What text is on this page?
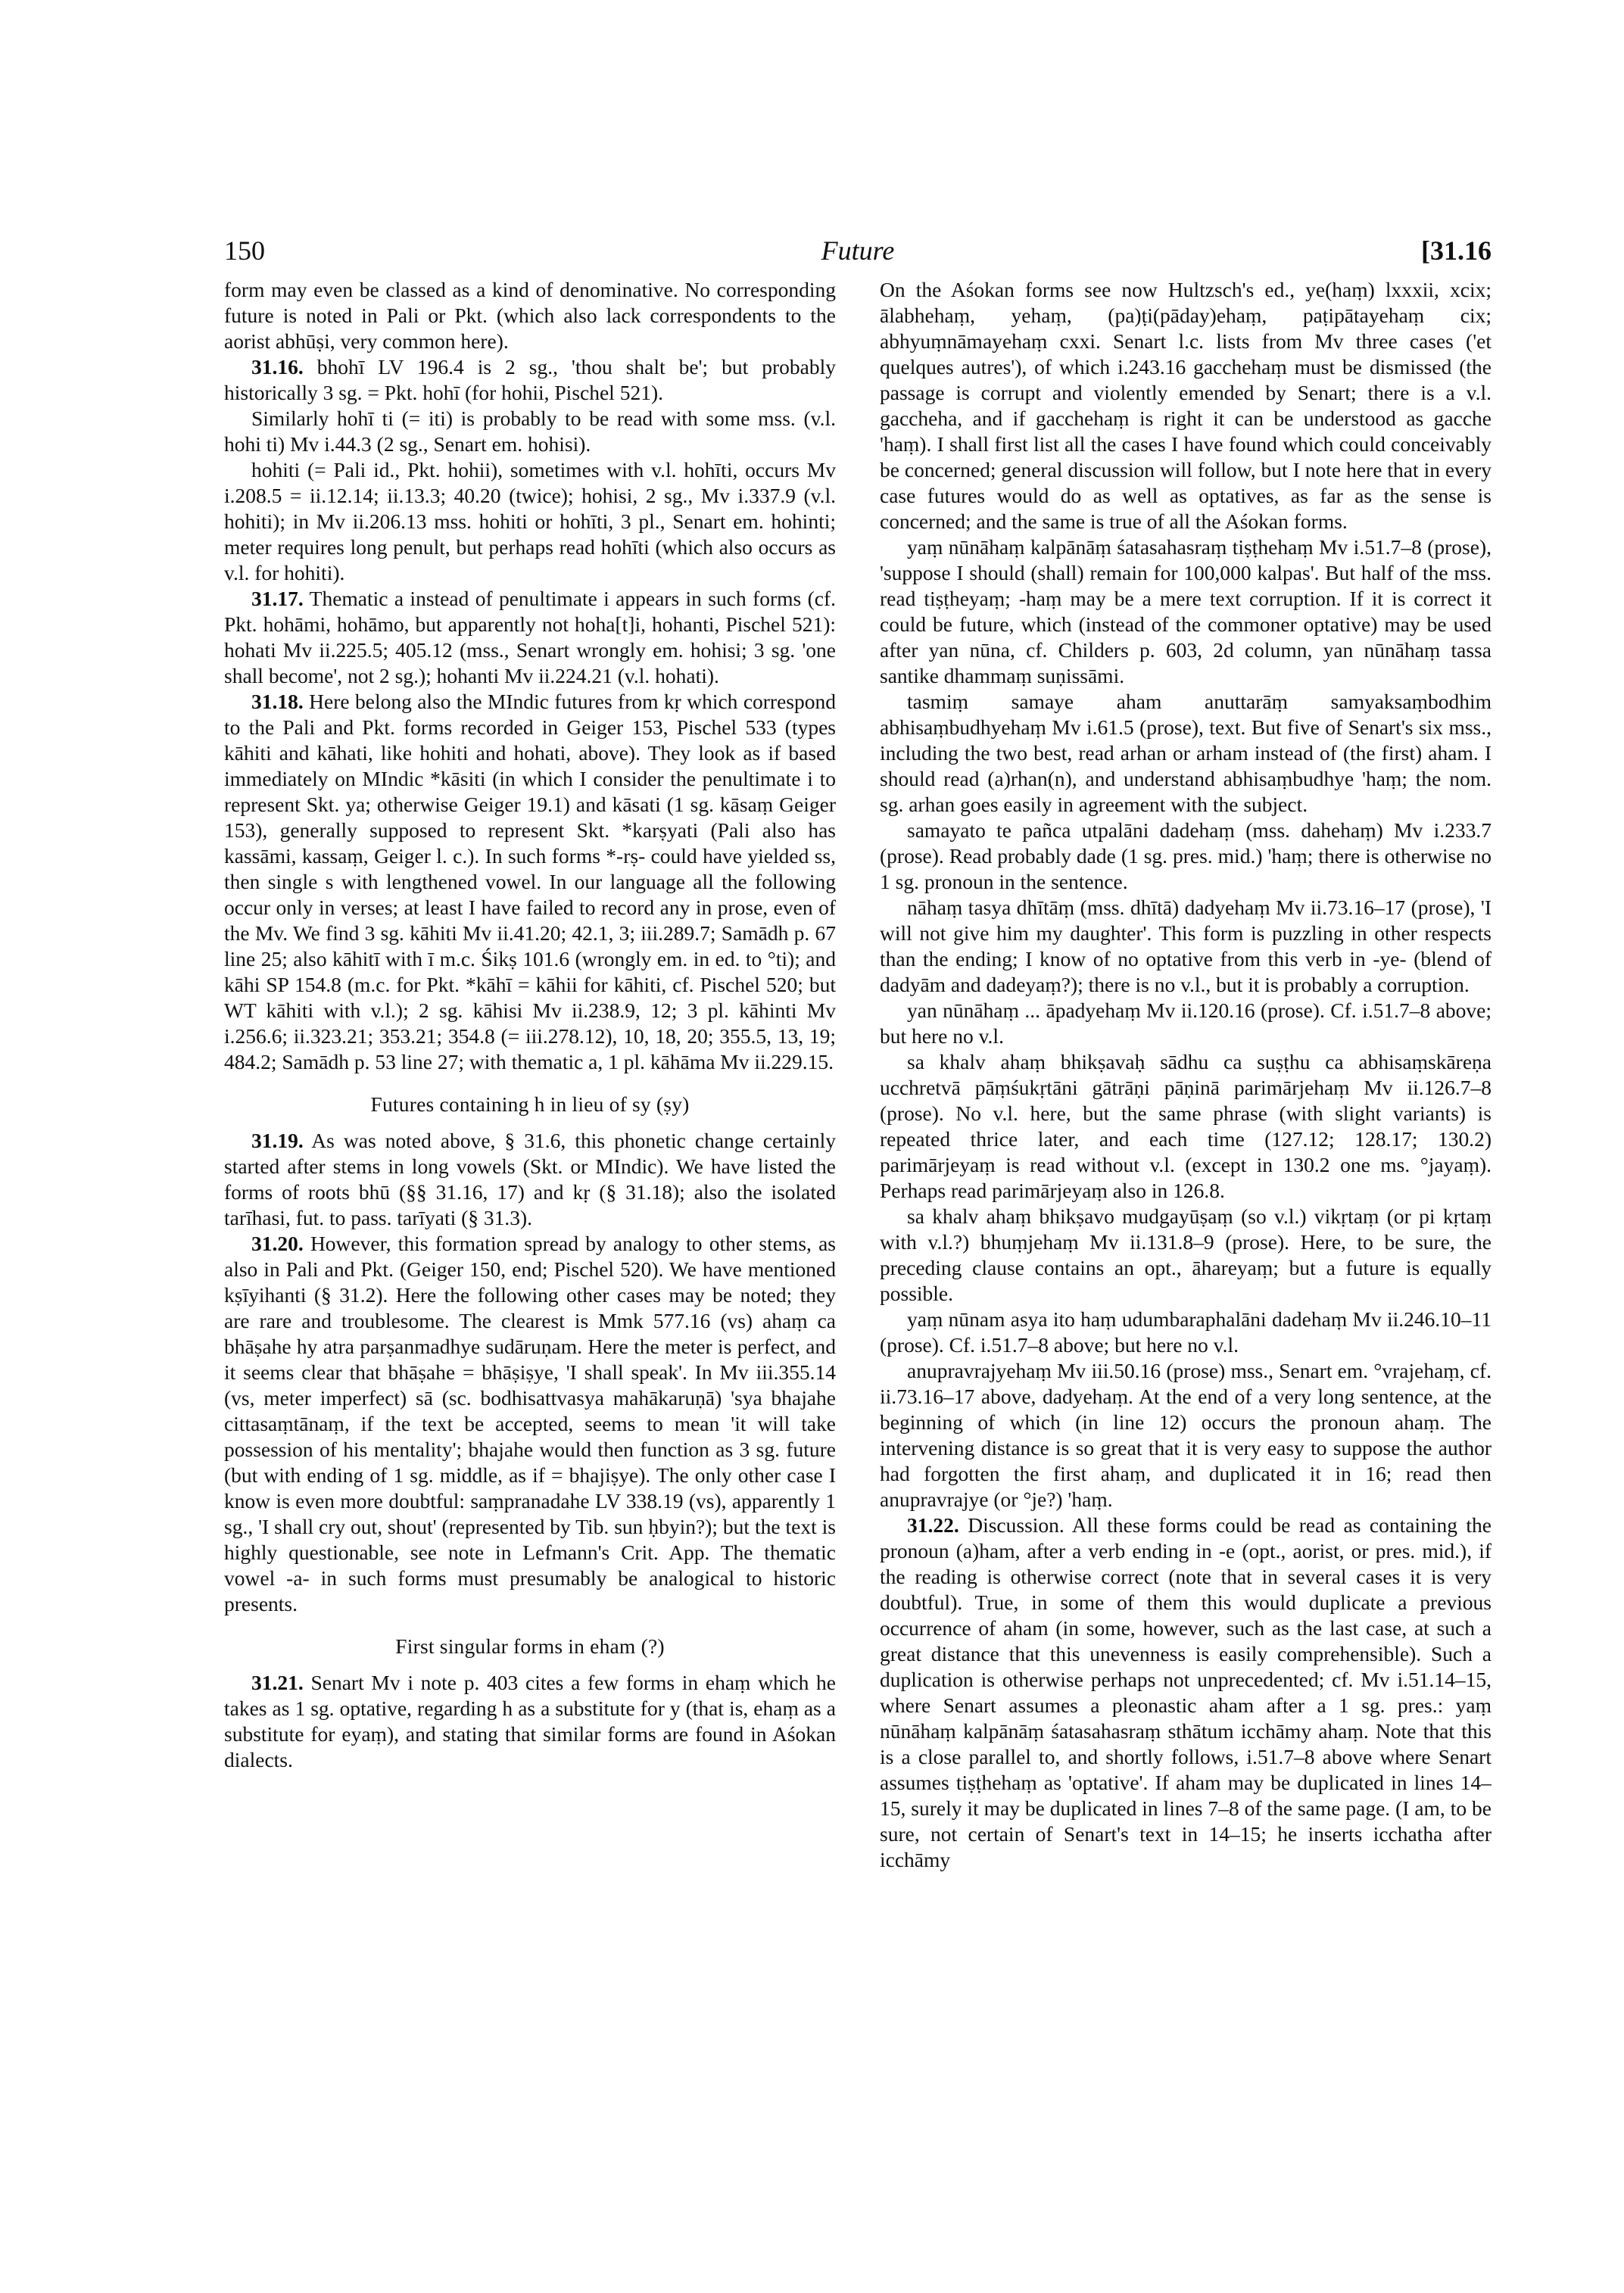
150	Future	[31.16

form may even be classed as a kind of denominative. No corresponding future is noted in Pali or Pkt. (which also lack correspondents to the aorist abhūṣi, very common here).

31.16. bhohī LV 196.4 is 2 sg., 'thou shalt be'; but probably historically 3 sg. = Pkt. hohī (for hohii, Pischel 521).

Similarly hohī ti (= iti) is probably to be read with some mss. (v.l. hohi ti) Mv i.44.3 (2 sg., Senart em. hohisi).

hohiti (= Pali id., Pkt. hohii), sometimes with v.l. hohīti, occurs Mv i.208.5 = ii.12.14; ii.13.3; 40.20 (twice); hohisi, 2 sg., Mv i.337.9 (v.l. hohiti); in Mv ii.206.13 mss. hohiti or hohīti, 3 pl., Senart em. hohinti; meter requires long penult, but perhaps read hohīti (which also occurs as v.l. for hohiti).

31.17. Thematic a instead of penultimate i appears in such forms (cf. Pkt. hohāmi, hohāmo, but apparently not hoha[t]i, hohanti, Pischel 521): hohati Mv ii.225.5; 405.12 (mss., Senart wrongly em. hohisi; 3 sg. 'one shall become', not 2 sg.); hohanti Mv ii.224.21 (v.l. hohati).

31.18. Here belong also the MIndic futures from kṛ which correspond to the Pali and Pkt. forms recorded in Geiger 153, Pischel 533 (types kāhiti and kāhati, like hohiti and hohati, above). They look as if based immediately on MIndic *kāsiti (in which I consider the penultimate i to represent Skt. ya; otherwise Geiger 19.1) and kāsati (1 sg. kāsaṃ Geiger 153), generally supposed to represent Skt. *karṣyati (Pali also has kassāmi, kassaṃ, Geiger l. c.). In such forms *-rṣ- could have yielded ss, then single s with lengthened vowel. In our language all the following occur only in verses; at least I have failed to record any in prose, even of the Mv. We find 3 sg. kāhiti Mv ii.41.20; 42.1, 3; iii.289.7; Samādh p. 67 line 25; also kāhitī with ī m.c. Śikṣ 101.6 (wrongly em. in ed. to °ti); and kāhi SP 154.8 (m.c. for Pkt. *kāhī = kāhii for kāhiti, cf. Pischel 520; but WT kāhiti with v.l.); 2 sg. kāhisi Mv ii.238.9, 12; 3 pl. kāhinti Mv i.256.6; ii.323.21; 353.21; 354.8 (= iii.278.12), 10, 18, 20; 355.5, 13, 19; 484.2; Samādh p. 53 line 27; with thematic a, 1 pl. kāhāma Mv ii.229.15.

Futures containing h in lieu of sy (ṣy)

31.19. As was noted above, § 31.6, this phonetic change certainly started after stems in long vowels (Skt. or MIndic). We have listed the forms of roots bhū (§§ 31.16, 17) and kṛ (§ 31.18); also the isolated tarīhasi, fut. to pass. tarīyati (§ 31.3).

31.20. However, this formation spread by analogy to other stems, as also in Pali and Pkt. (Geiger 150, end; Pischel 520). We have mentioned kṣīyihanti (§ 31.2). Here the following other cases may be noted; they are rare and troublesome. The clearest is Mmk 577.16 (vs) ahaṃ ca bhāṣahe hy atra parṣanmadhye sudāruṇam. Here the meter is perfect, and it seems clear that bhāṣahe = bhāṣiṣye, 'I shall speak'. In Mv iii.355.14 (vs, meter imperfect) sā (sc. bodhisattvasya mahākaruṇā) 'sya bhajahe cittasaṃtānaṃ, if the text be accepted, seems to mean 'it will take possession of his mentality'; bhajahe would then function as 3 sg. future (but with ending of 1 sg. middle, as if = bhajiṣye). The only other case I know is even more doubtful: saṃpranadahe LV 338.19 (vs), apparently 1 sg., 'I shall cry out, shout' (represented by Tib. sun ḥbyin?); but the text is highly questionable, see note in Lefmann's Crit. App. The thematic vowel -a- in such forms must presumably be analogical to historic presents.

First singular forms in eham (?)

31.21. Senart Mv i note p. 403 cites a few forms in ehaṃ which he takes as 1 sg. optative, regarding h as a substitute for y (that is, ehaṃ as a substitute for eyaṃ), and stating that similar forms are found in Aśokan dialects.

On the Aśokan forms see now Hultzsch's ed., ye(haṃ) lxxxii, xcix; ālabhehaṃ, yehaṃ, (pa)ṭi(pāday)ehaṃ, paṭipātayehaṃ cix; abhyuṃnāmayehaṃ cxxi. Senart l.c. lists from Mv three cases ('et quelques autres'), of which i.243.16 gacchehaṃ must be dismissed (the passage is corrupt and violently emended by Senart; there is a v.l. gaccheha, and if gacchehaṃ is right it can be understood as gacche 'haṃ). I shall first list all the cases I have found which could conceivably be concerned; general discussion will follow, but I note here that in every case futures would do as well as optatives, as far as the sense is concerned; and the same is true of all the Aśokan forms.

yaṃ nūnāhaṃ kalpānāṃ śatasahasraṃ tiṣṭhehaṃ Mv i.51.7–8 (prose), 'suppose I should (shall) remain for 100,000 kalpas'. But half of the mss. read tiṣṭheyaṃ; -haṃ may be a mere text corruption. If it is correct it could be future, which (instead of the commoner optative) may be used after yan nūna, cf. Childers p. 603, 2d column, yan nūnāhaṃ tassa santike dhammaṃ suṇissāmi.

tasmiṃ samaye aham anuttarāṃ samyaksaṃbodhim abhisaṃbudhyehaṃ Mv i.61.5 (prose), text. But five of Senart's six mss., including the two best, read arhan or arham instead of (the first) aham. I should read (a)rhan(n), and understand abhisaṃbudhye 'haṃ; the nom. sg. arhan goes easily in agreement with the subject.

samayato te pañca utpalāni dadehaṃ (mss. dahehaṃ) Mv i.233.7 (prose). Read probably dade (1 sg. pres. mid.) 'haṃ; there is otherwise no 1 sg. pronoun in the sentence.

nāhaṃ tasya dhītāṃ (mss. dhītā) dadyehaṃ Mv ii.73.16–17 (prose), 'I will not give him my daughter'. This form is puzzling in other respects than the ending; I know of no optative from this verb in -ye- (blend of dadyām and dadeyaṃ?); there is no v.l., but it is probably a corruption.

yan nūnāhaṃ ... āpadyehaṃ Mv ii.120.16 (prose). Cf. i.51.7–8 above; but here no v.l.

sa khalv ahaṃ bhikṣavaḥ sādhu ca suṣṭhu ca abhisaṃskāreṇa ucchretvā pāṃśukṛtāni gātrāṇi pāṇinā parimārjehaṃ Mv ii.126.7–8 (prose). No v.l. here, but the same phrase (with slight variants) is repeated thrice later, and each time (127.12; 128.17; 130.2) parimārjeyaṃ is read without v.l. (except in 130.2 one ms. °jayaṃ). Perhaps read parimārjeyaṃ also in 126.8.

sa khalv ahaṃ bhikṣavo mudgayūṣaṃ (so v.l.) vikṛtaṃ (or pi kṛtaṃ with v.l.?) bhuṃjehaṃ Mv ii.131.8–9 (prose). Here, to be sure, the preceding clause contains an opt., āhareyaṃ; but a future is equally possible.

yaṃ nūnam asya ito haṃ udumbaraphalāni dadehaṃ Mv ii.246.10–11 (prose). Cf. i.51.7–8 above; but here no v.l.

anupravrajyehaṃ Mv iii.50.16 (prose) mss., Senart em. °vrajehaṃ, cf. ii.73.16–17 above, dadyehaṃ. At the end of a very long sentence, at the beginning of which (in line 12) occurs the pronoun ahaṃ. The intervening distance is so great that it is very easy to suppose the author had forgotten the first ahaṃ, and duplicated it in 16; read then anupravrajye (or °je?) 'haṃ.

31.22. Discussion. All these forms could be read as containing the pronoun (a)ham, after a verb ending in -e (opt., aorist, or pres. mid.), if the reading is otherwise correct (note that in several cases it is very doubtful). True, in some of them this would duplicate a previous occurrence of aham (in some, however, such as the last case, at such a great distance that this unevenness is easily comprehensible). Such a duplication is otherwise perhaps not unprecedented; cf. Mv i.51.14–15, where Senart assumes a pleonastic aham after a 1 sg. pres.: yaṃ nūnāhaṃ kalpānāṃ śatasahasraṃ sthātum icchāmy ahaṃ. Note that this is a close parallel to, and shortly follows, i.51.7–8 above where Senart assumes tiṣṭhehaṃ as 'optative'. If aham may be duplicated in lines 14–15, surely it may be duplicated in lines 7–8 of the same page. (I am, to be sure, not certain of Senart's text in 14–15; he inserts icchatha after icchāmy
